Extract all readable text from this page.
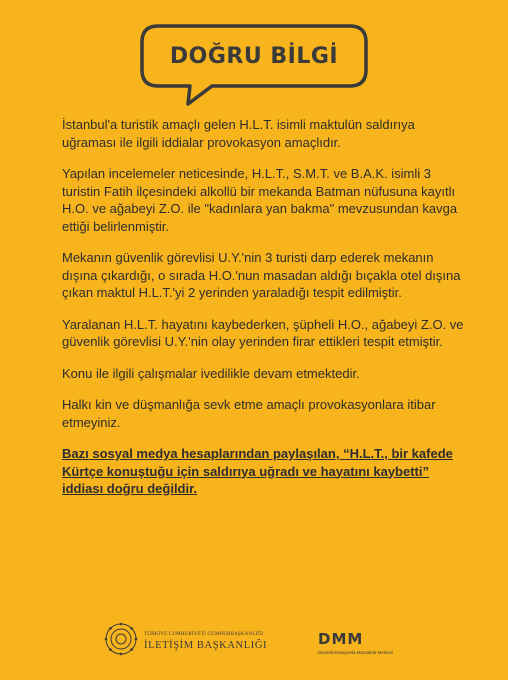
DOĞRU BİLGİ

İstanbul'a turistik amaçlı gelen H.L.T. isimli maktulün saldırıya uğraması ile ilgili iddialar provokasyon amaçlıdır.

Yapılan incelemeler neticesinde, H.L.T., S.M.T. ve B.A.K. isimli 3 turistin Fatih ilçesindeki alkollü bir mekanda Batman nüfusuna kayıtlı H.O. ve ağabeyi Z.O. ile "kadınlara yan bakma" mevzusundan kavga ettiği belirlenmiştir.

Mekanın güvenlik görevlisi U.Y.'nin 3 turisti darp ederek mekanın dışına çıkardığı, o sırada H.O.'nun masadan aldığı bıçakla otel dışına çıkan maktul H.L.T.'yi 2 yerinden yaraladığı tespit edilmiştir.

Yaralanan H.L.T. hayatını kaybederken, şüpheli H.O., ağabeyi Z.O. ve güvenlik görevlisi U.Y.'nin olay yerinden firar ettikleri tespit etmiştir.

Konu ile ilgili çalışmalar ivedilikle devam etmektedir.

Halkı kin ve düşmanlığa sevk etme amaçlı provokasyonlara itibar etmeyiniz.

Bazı sosyal medya hesaplarından paylaşılan, “H.L.T., bir kafede Kürtçe konuştuğu için saldırıya uğradı ve hayatını kaybetti” iddiası doğru değildir.

TÜRKİYE CUMHURİYETİ CUMHURBAŞKANLIĞI
İLETİŞİM BAŞKANLIĞI	DMM
Dezenformasyonla Mücadele Merkezi
